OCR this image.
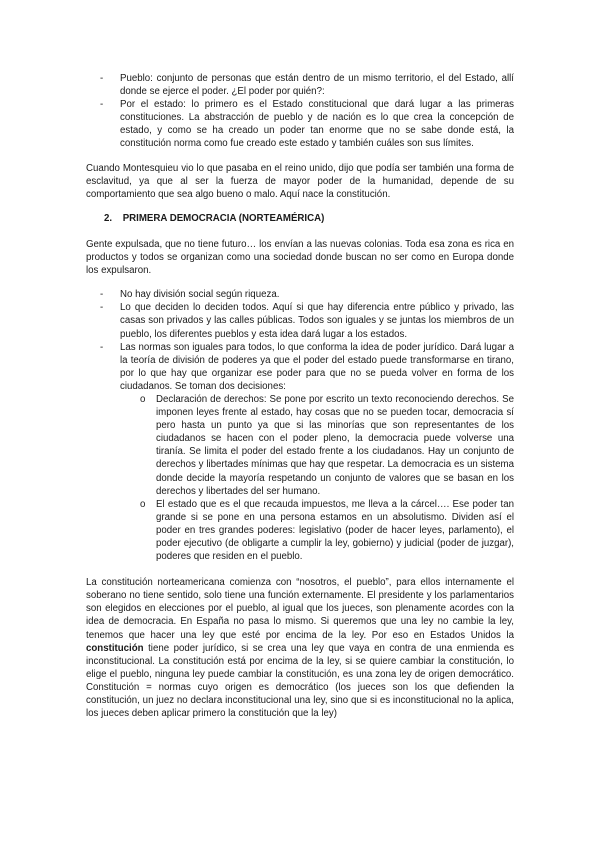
- Pueblo: conjunto de personas que están dentro de un mismo territorio, el del Estado, allí donde se ejerce el poder. ¿El poder por quién?:
- Por el estado: lo primero es el Estado constitucional que dará lugar a las primeras constituciones. La abstracción de pueblo y de nación es lo que crea la concepción de estado, y como se ha creado un poder tan enorme que no se sabe donde está, la constitución norma como fue creado este estado y también cuáles son sus límites.

Cuando Montesquieu vio lo que pasaba en el reino unido, dijo que podía ser también una forma de esclavitud, ya que al ser la fuerza de mayor poder de la humanidad, depende de su comportamiento que sea algo bueno o malo. Aquí nace la constitución.

2. PRIMERA DEMOCRACIA (NORTEAMÉRICA)

Gente expulsada, que no tiene futuro… los envían a las nuevas colonias. Toda esa zona es rica en productos y todos se organizan como una sociedad donde buscan no ser como en Europa donde los expulsaron.

- No hay división social según riqueza.
- Lo que deciden lo deciden todos. Aquí si que hay diferencia entre público y privado, las casas son privados y las calles públicas. Todos son iguales y se juntas los miembros de un pueblo, los diferentes pueblos y esta idea dará lugar a los estados.
- Las normas son iguales para todos, lo que conforma la idea de poder jurídico. Dará lugar a la teoría de división de poderes ya que el poder del estado puede transformarse en tirano, por lo que hay que organizar ese poder para que no se pueda volver en forma de los ciudadanos. Se toman dos decisiones:
o Declaración de derechos: Se pone por escrito un texto reconociendo derechos. Se imponen leyes frente al estado, hay cosas que no se pueden tocar, democracia sí pero hasta un punto ya que si las minorías que son representantes de los ciudadanos se hacen con el poder pleno, la democracia puede volverse una tiranía. Se limita el poder del estado frente a los ciudadanos. Hay un conjunto de derechos y libertades mínimas que hay que respetar. La democracia es un sistema donde decide la mayoría respetando un conjunto de valores que se basan en los derechos y libertades del ser humano.
o El estado que es el que recauda impuestos, me lleva a la cárcel…. Ese poder tan grande si se pone en una persona estamos en un absolutismo. Dividen así el poder en tres grandes poderes: legislativo (poder de hacer leyes, parlamento), el poder ejecutivo (de obligarte a cumplir la ley, gobierno) y judicial (poder de juzgar), poderes que residen en el pueblo.

La constitución norteamericana comienza con “nosotros, el pueblo”, para ellos internamente el soberano no tiene sentido, solo tiene una función externamente. El presidente y los parlamentarios son elegidos en elecciones por el pueblo, al igual que los jueces, son plenamente acordes con la idea de democracia. En España no pasa lo mismo. Si queremos que una ley no cambie la ley, tenemos que hacer una ley que esté por encima de la ley. Por eso en Estados Unidos la constitución tiene poder jurídico, si se crea una ley que vaya en contra de una enmienda es inconstitucional. La constitución está por encima de la ley, si se quiere cambiar la constitución, lo elige el pueblo, ninguna ley puede cambiar la constitución, es una zona ley de origen democrático. Constitución = normas cuyo origen es democrático (los jueces son los que defienden la constitución, un juez no declara inconstitucional una ley, sino que si es inconstitucional no la aplica, los jueces deben aplicar primero la constitución que la ley)
